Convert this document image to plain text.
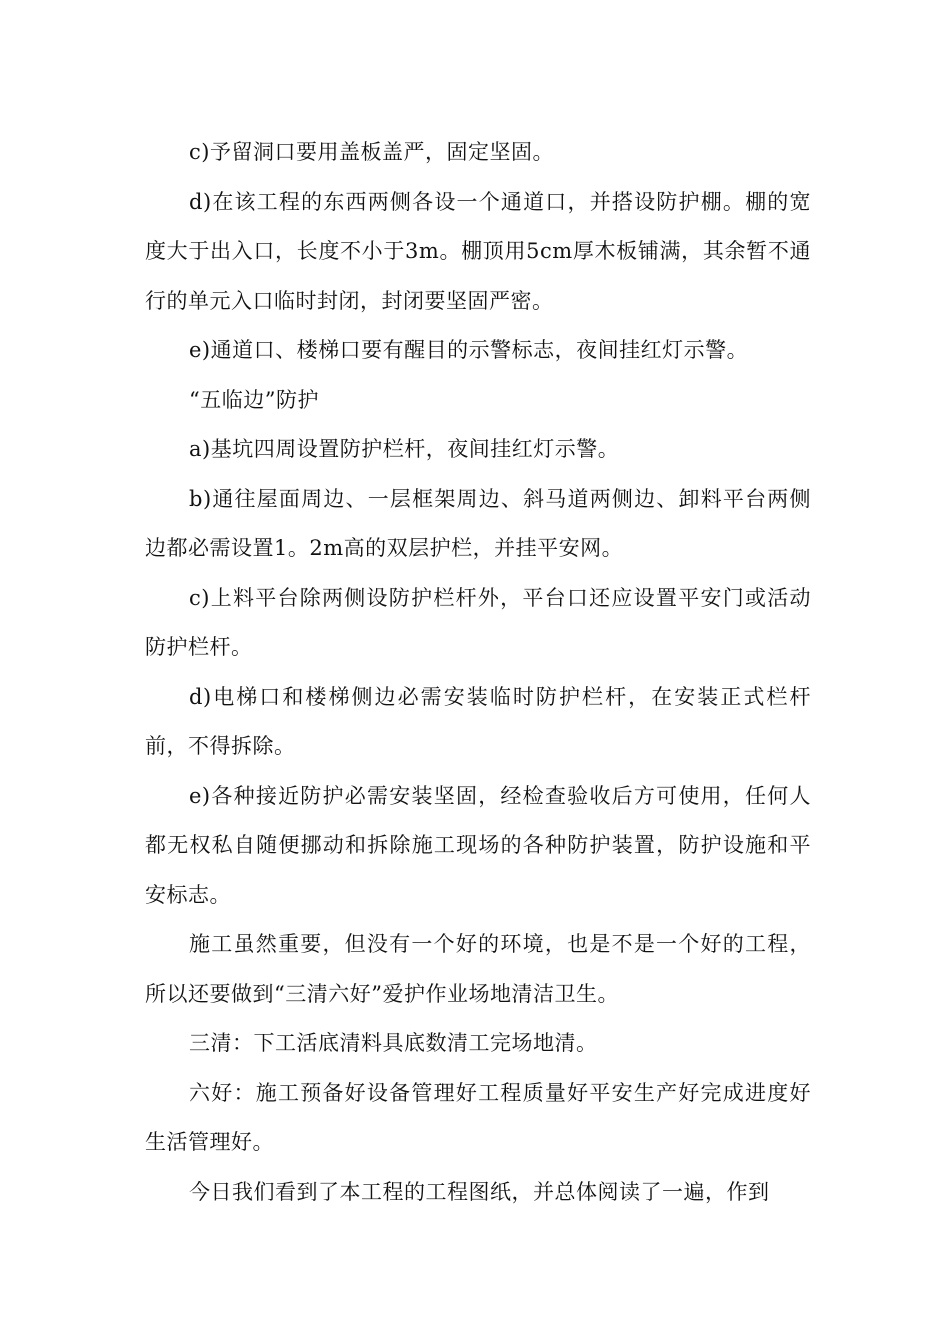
c)予留洞口要用盖板盖严，固定坚固。

d)在该工程的东西两侧各设一个通道口，并搭设防护棚。棚的宽度大于出入口，长度不小于3m。棚顶用5cm厚木板铺满，其余暂不通行的单元入口临时封闭，封闭要坚固严密。

e)通道口、楼梯口要有醒目的示警标志，夜间挂红灯示警。

“五临边”防护

a)基坑四周设置防护栏杆，夜间挂红灯示警。

b)通往屋面周边、一层框架周边、斜马道两侧边、卸料平台两侧边都必需设置1。2m高的双层护栏，并挂平安网。

c)上料平台除两侧设防护栏杆外，平台口还应设置平安门或活动防护栏杆。

d)电梯口和楼梯侧边必需安装临时防护栏杆，在安装正式栏杆前，不得拆除。

e)各种接近防护必需安装坚固，经检查验收后方可使用，任何人都无权私自随便挪动和拆除施工现场的各种防护装置，防护设施和平安标志。

施工虽然重要，但没有一个好的环境，也是不是一个好的工程，所以还要做到“三清六好”爱护作业场地清洁卫生。

三清：下工活底清料具底数清工完场地清。

六好：施工预备好设备管理好工程质量好平安生产好完成进度好生活管理好。

今日我们看到了本工程的工程图纸，并总体阅读了一遍，作到
